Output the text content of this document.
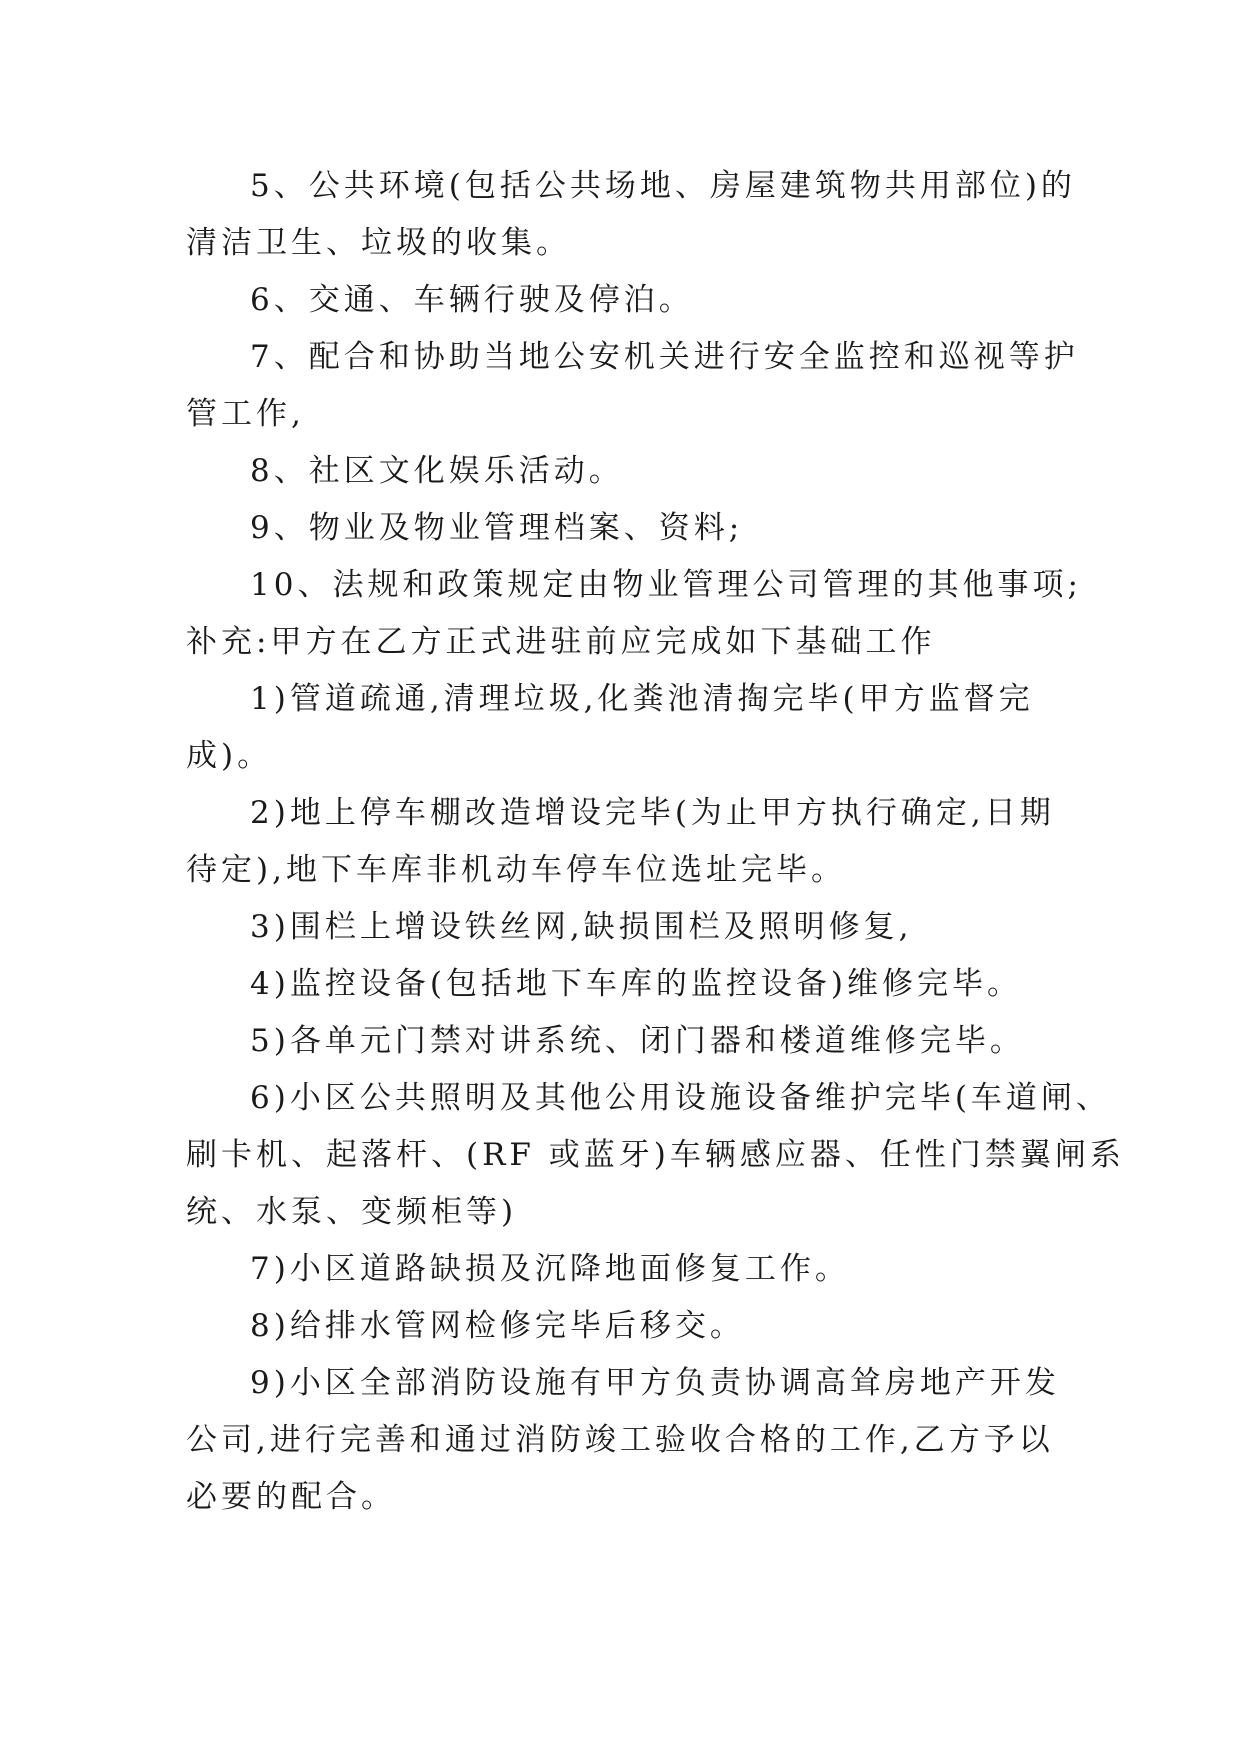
5、公共环境(包括公共场地、房屋建筑物共用部位)的

清洁卫生、垃圾的收集。

6、交通、车辆行驶及停泊。

7、配合和协助当地公安机关进行安全监控和巡视等护

管工作,

8、社区文化娱乐活动。

9、物业及物业管理档案、资料;

10、法规和政策规定由物业管理公司管理的其他事项;

补充:甲方在乙方正式进驻前应完成如下基础工作

1)管道疏通,清理垃圾,化粪池清掏完毕(甲方监督完

成)。

2)地上停车棚改造增设完毕(为止甲方执行确定,日期

待定),地下车库非机动车停车位选址完毕。

3)围栏上增设铁丝网,缺损围栏及照明修复,

4)监控设备(包括地下车库的监控设备)维修完毕。

5)各单元门禁对讲系统、闭门器和楼道维修完毕。

6)小区公共照明及其他公用设施设备维护完毕(车道闸、

刷卡机、起落杆、(RF 或蓝牙)车辆感应器、任性门禁翼闸系

统、水泵、变频柜等)

7)小区道路缺损及沉降地面修复工作。

8)给排水管网检修完毕后移交。

9)小区全部消防设施有甲方负责协调高耸房地产开发

公司,进行完善和通过消防竣工验收合格的工作,乙方予以

必要的配合。
